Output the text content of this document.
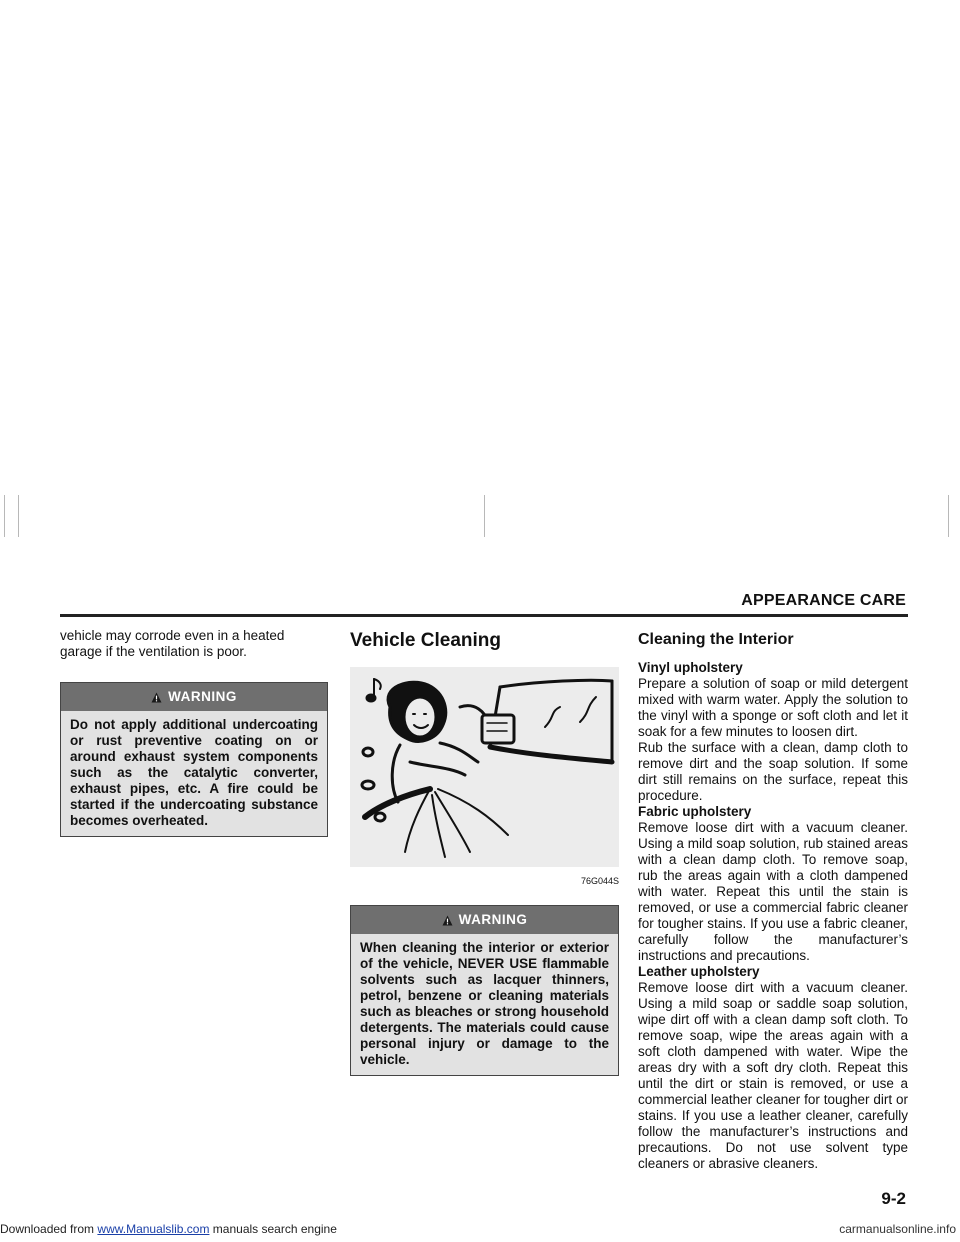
APPEARANCE CARE

vehicle may corrode even in a heated garage if the ventilation is poor.

WARNING
Do not apply additional undercoating or rust preventive coating on or around exhaust system components such as the catalytic converter, exhaust pipes, etc. A fire could be started if the undercoating substance becomes overheated.
Vehicle Cleaning
76G044S
WARNING
When cleaning the interior or exterior of the vehicle, NEVER USE flammable solvents such as lacquer thinners, petrol, benzene or cleaning materials such as bleaches or strong household detergents. The materials could cause personal injury or damage to the vehicle.
Cleaning the Interior

Vinyl upholstery

Prepare a solution of soap or mild detergent mixed with warm water. Apply the solution to the vinyl with a sponge or soft cloth and let it soak for a few minutes to loosen dirt.

Rub the surface with a clean, damp cloth to remove dirt and the soap solution. If some dirt still remains on the surface, repeat this procedure.

Fabric upholstery

Remove loose dirt with a vacuum cleaner. Using a mild soap solution, rub stained areas with a clean damp cloth. To remove soap, rub the areas again with a cloth dampened with water. Repeat this until the stain is removed, or use a commercial fabric cleaner for tougher stains. If you use a fabric cleaner, carefully follow the manufacturer’s instructions and precautions.

Leather upholstery

Remove loose dirt with a vacuum cleaner. Using a mild soap or saddle soap solution, wipe dirt off with a clean damp soft cloth. To remove soap, wipe the areas again with a soft cloth dampened with water. Wipe the areas dry with a soft dry cloth. Repeat this until the dirt or stain is removed, or use a commercial leather cleaner for tougher dirt or stains. If you use a leather cleaner, carefully follow the manufacturer’s instructions and precautions. Do not use solvent type cleaners or abrasive cleaners.

9-2
Downloaded from www.Manualslib.com manuals search engine	carmanualsonline.info
